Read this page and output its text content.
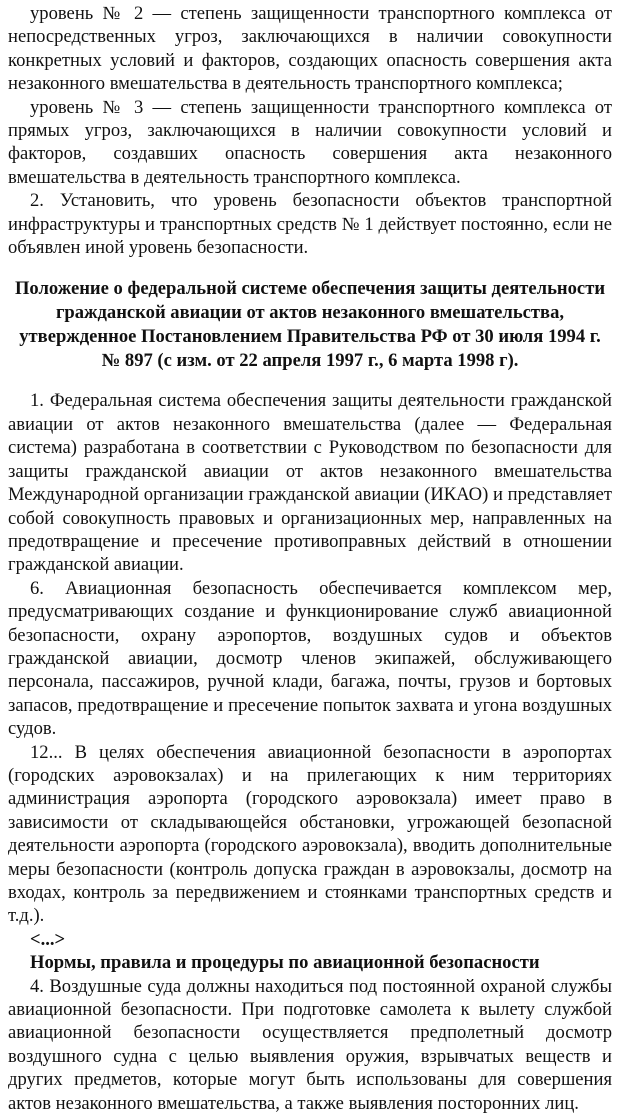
уровень № 2 — степень защищенности транспортного комплекса от непосредственных угроз, заключающихся в наличии совокупности конкретных условий и факторов, создающих опасность совершения акта незаконного вмешательства в деятельность транспортного комплекса;

уровень № 3 — степень защищенности транспортного комплекса от прямых угроз, заключающихся в наличии совокупности условий и факторов, создавших опасность совершения акта незаконного вмешательства в деятельность транспортного комплекса.

2. Установить, что уровень безопасности объектов транспортной инфраструктуры и транспортных средств № 1 действует постоянно, если не объявлен иной уровень безопасности.

Положение о федеральной системе обеспечения защиты деятельности

гражданской авиации от актов незаконного вмешательства,

утвержденное Постановлением Правительства РФ от 30 июля 1994 г.

№ 897 (с изм. от 22 апреля 1997 г., 6 марта 1998 г).

1. Федеральная система обеспечения защиты деятельности гражданской авиации от актов незаконного вмешательства (далее — Федеральная система) разработана в соответствии с Руководством по безопасности для защиты гражданской авиации от актов незаконного вмешательства Международной организации гражданской авиации (ИКАО) и представляет собой совокупность правовых и организационных мер, направленных на предотвращение и пресечение противоправных действий в отношении гражданской авиации.

6. Авиационная безопасность обеспечивается комплексом мер, предусматривающих создание и функционирование служб авиационной безопасности, охрану аэропортов, воздушных судов и объектов гражданской авиации, досмотр членов экипажей, обслуживающего персонала, пассажиров, ручной клади, багажа, почты, грузов и бортовых запасов, предотвращение и пресечение попыток захвата и угона воздушных судов.

12... В целях обеспечения авиационной безопасности в аэропортах (городских аэровокзалах) и на прилегающих к ним территориях администрация аэропорта (городского аэровокзала) имеет право в зависимости от складывающейся обстановки, угрожающей безопасной деятельности аэропорта (городского аэровокзала), вводить дополнительные меры безопасности (контроль допуска граждан в аэровокзалы, досмотр на входах, контроль за передвижением и стоянками транспортных средств и т.д.).

<...>

Нормы, правила и процедуры по авиационной безопасности

4. Воздушные суда должны находиться под постоянной охраной службы авиационной безопасности. При подготовке самолета к вылету службой авиационной безопасности осуществляется предполетный досмотр воздушного судна с целью выявления оружия, взрывчатых веществ и других предметов, которые могут быть использованы для совершения актов незаконного вмешательства, а также выявления посторонних лиц.
